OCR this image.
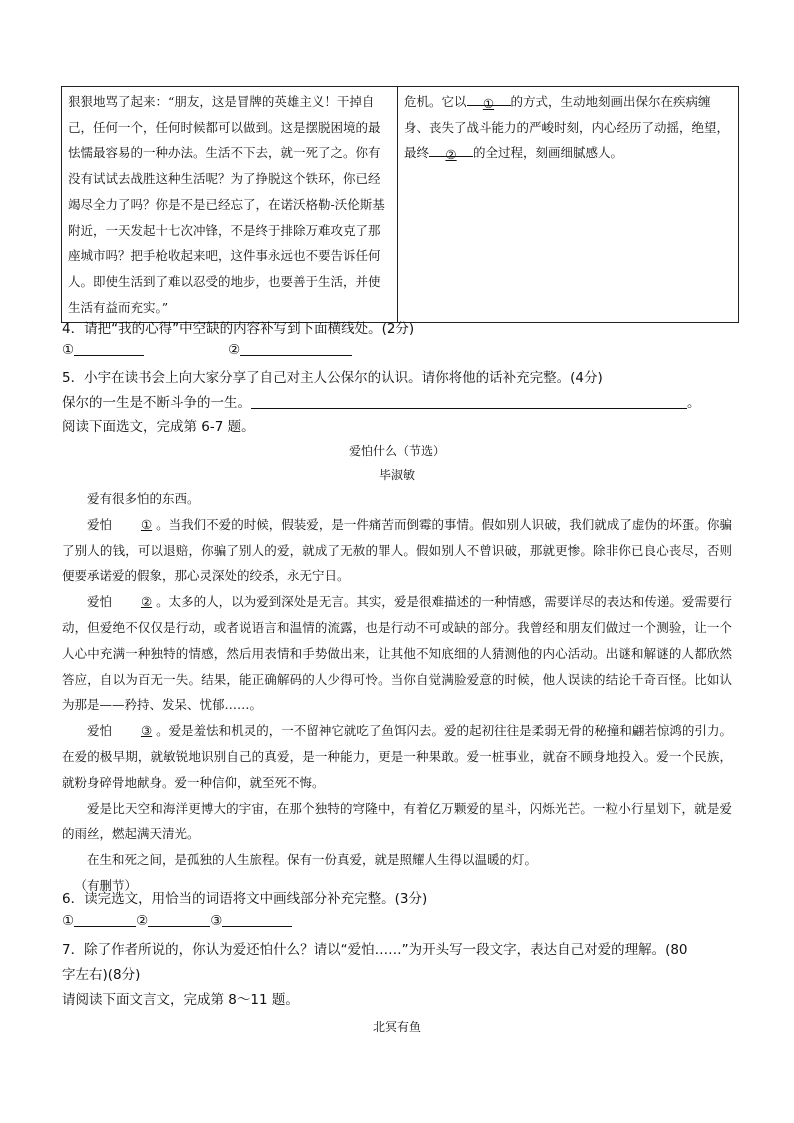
狠狠地骂了起来：“朋友，这是冒牌的英雄主义！干掉自己，任何一个，任何时候都可以做到。这是摆脱困境的最怯懦最容易的一种办法。生活不下去，就一死了之。你有没有试试去战胜这种生活呢？为了挣脱这个铁环，你已经竭尽全力了吗？你是不是已经忘了，在诺沃格勒-沃伦斯基附近，一天发起十七次冲锋，不是终于排除万难攻克了那座城市吗？把手枪收起来吧，这件事永远也不要告诉任何人。即使生活到了难以忍受的地步，也要善于生活，并使生活有益而充实。”	危机。它以 ① 的方式，生动地刻画出保尔在疾病缠身、丧失了战斗能力的严峻时刻，内心经历了动摇，绝望，最终 ② 的全过程，刻画细腻感人。
4．请把“我的心得”中空缺的内容补写到下面横线处。(2分)
①	②
5．小宇在读书会上向大家分享了自己对主人公保尔的认识。请你将他的话补充完整。(4分)
保尔的一生是不断斗争的一生。	。
阅读下面选文，完成第 6-7 题。
爱怕什么（节选）
毕淑敏

爱有很多怕的东西。

爱怕 ① 。当我们不爱的时候，假装爱，是一件痛苦而倒霉的事情。假如别人识破，我们就成了虚伪的坏蛋。你骗了别人的钱，可以退赔，你骗了别人的爱，就成了无赦的罪人。假如别人不曾识破，那就更惨。除非你已良心丧尽，否则便要承诺爱的假象，那心灵深处的绞杀，永无宁日。

爱怕 ② 。太多的人，以为爱到深处是无言。其实，爱是很难描述的一种情感，需要详尽的表达和传递。爱需要行动，但爱绝不仅仅是行动，或者说语言和温情的流露，也是行动不可或缺的部分。我曾经和朋友们做过一个测验，让一个人心中充满一种独特的情感，然后用表情和手势做出来，让其他不知底细的人猜测他的内心活动。出谜和解谜的人都欣然答应，自以为百无一失。结果，能正确解码的人少得可怜。当你自觉满脸爱意的时候，他人误读的结论千奇百怪。比如认为那是——矜持、发呆、忧郁……。

爱怕 ③ 。爱是羞怯和机灵的，一不留神它就吃了鱼饵闪去。爱的起初往往是柔弱无骨的秘撞和翩若惊鸿的引力。在爱的极早期，就敏锐地识别自己的真爱，是一种能力，更是一种果敢。爱一桩事业，就奋不顾身地投入。爱一个民族，就粉身碎骨地献身。爱一种信仰，就至死不悔。

爱是比天空和海洋更博大的宇宙，在那个独特的穹隆中，有着亿万颗爱的星斗，闪烁光芒。一粒小行星划下，就是爱的雨丝，燃起满天清光。

在生和死之间，是孤独的人生旅程。保有一份真爱，就是照耀人生得以温暖的灯。

（有删节）

6．读完选文，用恰当的词语将文中画线部分补充完整。(3分)
①	②	③
7．除了作者所说的，你认为爱还怕什么？请以“爱怕……”为开头写一段文字，表达自己对爱的理解。(80
字左右)(8分)
请阅读下面文言文，完成第 8～11 题。
北冥有鱼
